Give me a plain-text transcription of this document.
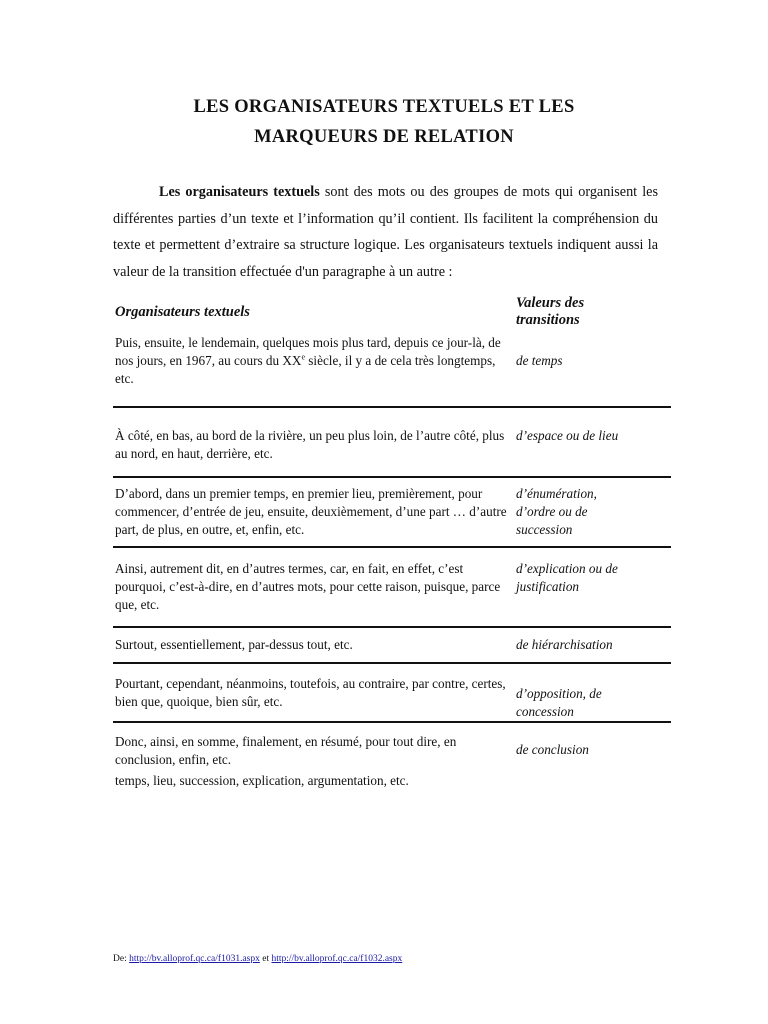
LES ORGANISATEURS TEXTUELS ET LES
MARQUEURS DE RELATION
Les organisateurs textuels sont des mots ou des groupes de mots qui organisent les différentes parties d’un texte et l’information qu’il contient. Ils facilitent la compréhension du texte et permettent d’extraire sa structure logique. Les organisateurs textuels indiquent aussi la valeur de la transition effectuée d'un paragraphe à un autre :
Organisateurs textuels
Valeurs des transitions
Puis, ensuite, le lendemain, quelques mois plus tard, depuis ce jour-là, de nos jours, en 1967, au cours du XXe siècle, il y a de cela très longtemps, etc.
de temps
À côté, en bas, au bord de la rivière, un peu plus loin, de l’autre côté, plus au nord, en haut, derrière, etc.
d’espace ou de lieu
D’abord, dans un premier temps, en premier lieu, premièrement, pour commencer, d’entrée de jeu, ensuite, deuxièmement, d’une part … d’autre part, de plus, en outre, et, enfin, etc.
d’énumération, d’ordre ou de succession
Ainsi, autrement dit, en d’autres termes, car, en fait, en effet, c’est pourquoi, c’est-à-dire, en d’autres mots, pour cette raison, puisque, parce que, etc.
d’explication ou de justification
Surtout, essentiellement, par-dessus tout, etc.	de hiérarchisation
Pourtant, cependant, néanmoins, toutefois, au contraire, par contre, certes, bien que, quoique, bien sûr, etc.
d’opposition, de concession
Donc, ainsi, en somme, finalement, en résumé, pour tout dire, en conclusion, enfin, etc.
de conclusion
temps, lieu, succession, explication, argumentation, etc.
De: http://bv.alloprof.qc.ca/f1031.aspx et http://bv.alloprof.qc.ca/f1032.aspx
